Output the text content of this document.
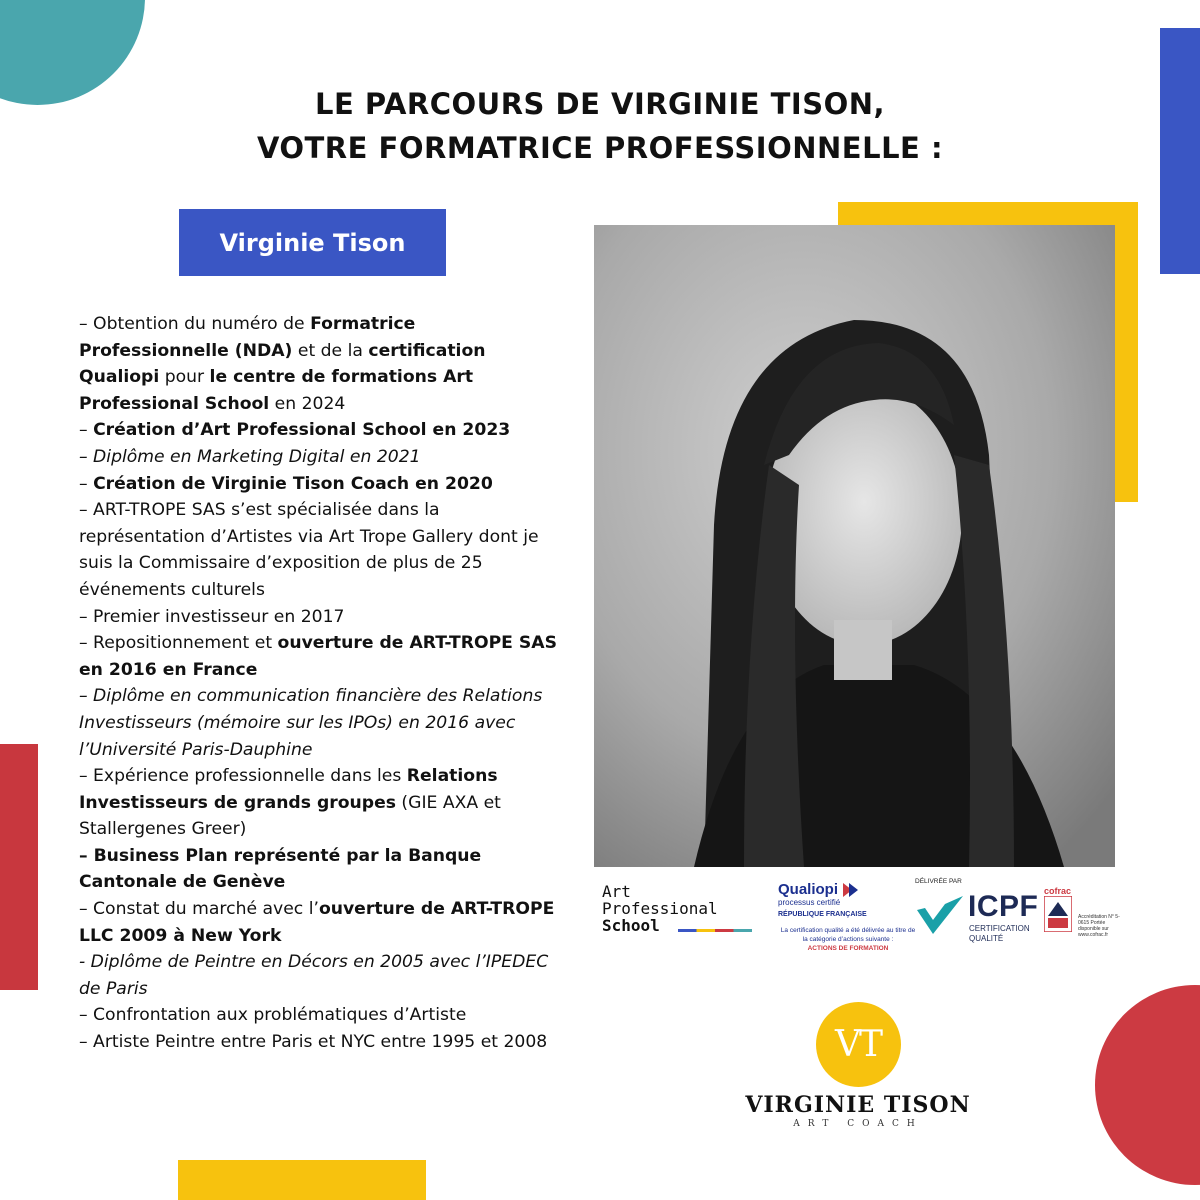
LE PARCOURS DE VIRGINIE TISON,
VOTRE FORMATRICE PROFESSIONNELLE :
Virginie Tison

– Obtention du numéro de Formatrice Professionnelle (NDA) et de la certification Qualiopi pour le centre de formations Art Professional School en 2024

– Création d’Art Professional School en 2023

– Diplôme en Marketing Digital en 2021

– Création de Virginie Tison Coach en 2020

– ART-TROPE SAS s’est spécialisée dans la représentation d’Artistes via Art Trope Gallery dont je suis la Commissaire d’exposition de plus de 25 événements culturels

– Premier investisseur en 2017

– Repositionnement et ouverture de ART-TROPE SAS en 2016 en France

– Diplôme en communication financière des Relations Investisseurs (mémoire sur les IPOs) en 2016 avec l’Université Paris-Dauphine

– Expérience professionnelle dans les Relations Investisseurs de grands groupes (GIE AXA et Stallergenes Greer)

– Business Plan représenté par la Banque Cantonale de Genève

– Constat du marché avec l’ouverture de ART-TROPE LLC 2009 à New York

- Diplôme de Peintre en Décors en 2005 avec l’IPEDEC de Paris

– Confrontation aux problématiques d’Artiste

– Artiste Peintre entre Paris et NYC entre 1995 et 2008

Art
Professional
School
Qualiopi
processus certifié
RÉPUBLIQUE FRANÇAISE
La certification qualité a été délivrée au titre de la catégorie d’actions suivante :
ACTIONS DE FORMATION
DÉLIVRÉE PAR
ICPF
CERTIFICATION
QUALITÉ
cofrac
Accréditation N° 5-0615 Portée disponible sur www.cofrac.fr
VT
VIRGINIE TISON
ART COACH
